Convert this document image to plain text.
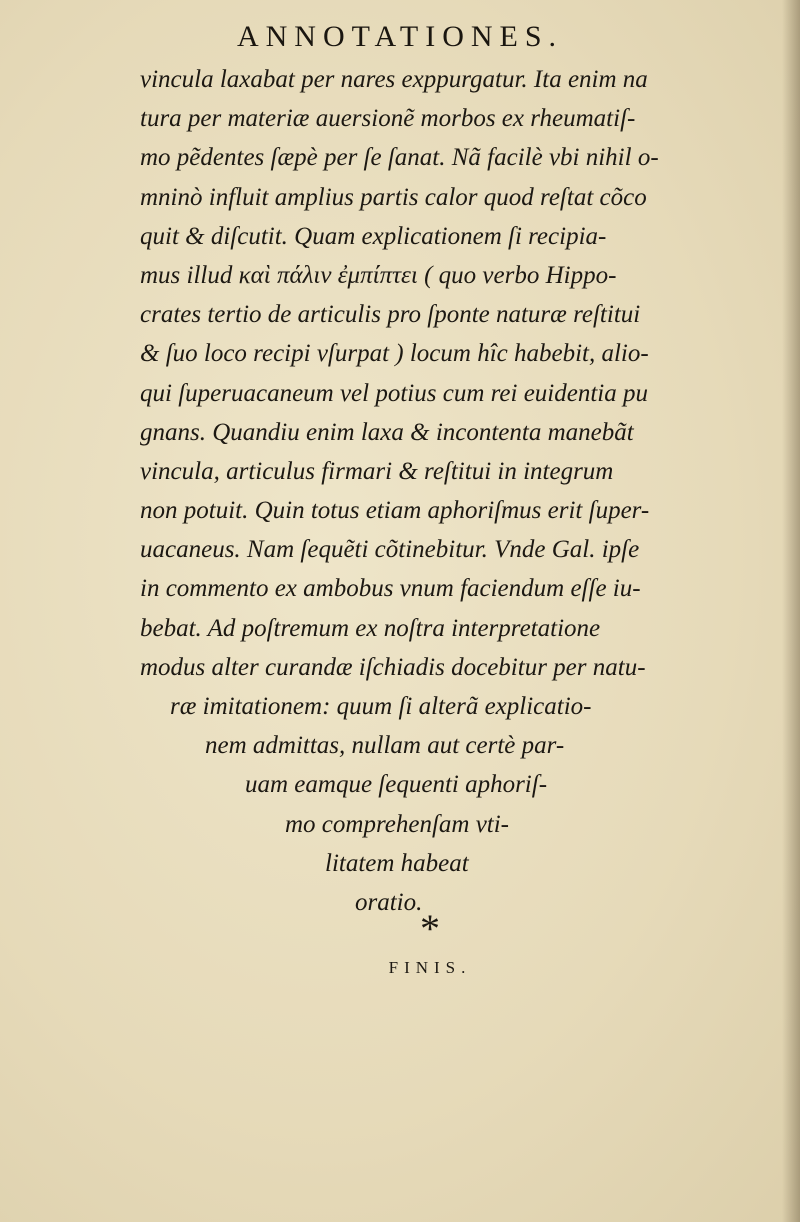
ANNOTATIONES.
vincula laxabat per nares exppurgatur. Ita enim na
tura per materiæ auersionẽ morbos ex rheumatiſ-
mo pẽdentes ſæpè per ſe ſanat. Nã facilè vbi nihil o-
mninò influit amplius partis calor quod reſtat cõco
quit & diſcutit. Quam explicationem ſi recipia-
mus illud καὶ πάλιν ἐμπίπτει ( quo verbo Hippo-
crates tertio de articulis pro ſponte naturæ reſtitui
& ſuo loco recipi vſurpat ) locum hîc habebit, alio-
qui ſuperuacaneum vel potius cum rei euidentia pu
gnans. Quandiu enim laxa & incontenta manebãt
vincula, articulus firmari & reſtitui in integrum
non potuit. Quin totus etiam aphoriſmus erit ſuper-
uacaneus. Nam ſequẽti cõtinebitur. Vnde Gal. ipſe
in commento ex ambobus vnum faciendum eſſe iu-
bebat. Ad poſtremum ex noſtra interpretatione
modus alter curandæ iſchiadis docebitur per natu-
ræ imitationem: quum ſi alterã explicatio-
nem admittas, nullam aut certè par-
uam eamque ſequenti aphoriſ-
mo comprehenſam vti-
litatem habeat
oratio.
*
FINIS.
